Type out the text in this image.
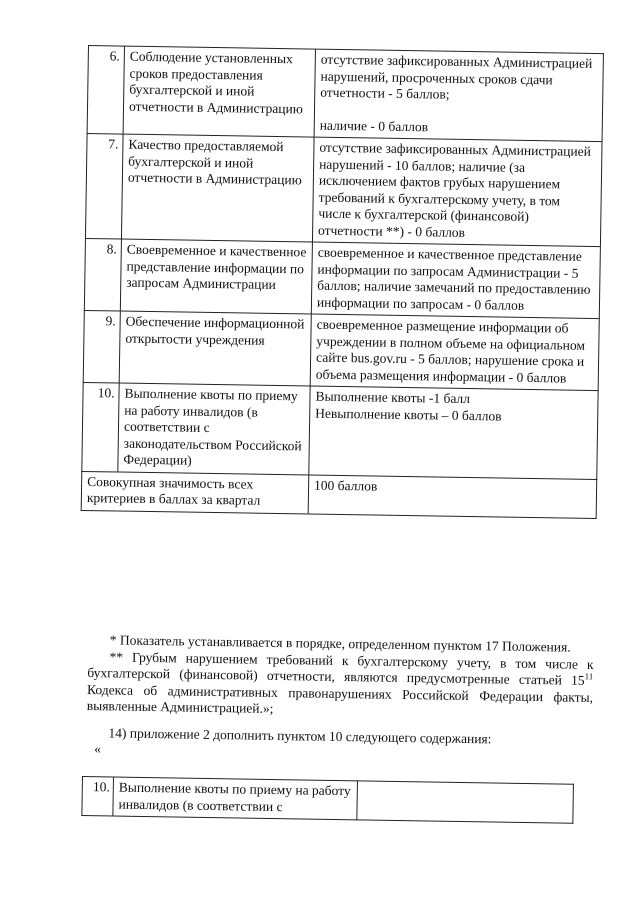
6.	Соблюдение установленных сроков предоставления бухгалтерской и иной отчетности в Администрацию	отсутствие зафиксированных Администрацией нарушений, просроченных сроков сдачи отчетности - 5 баллов;
наличие - 0 баллов

7.	Качество предоставляемой бухгалтерской и иной отчетности в Администрацию	отсутствие зафиксированных Администрацией нарушений - 10 баллов; наличие (за исключением фактов грубых нарушением требований к бухгалтерскому учету, в том числе к бухгалтерской (финансовой) отчетности **) - 0 баллов

8.	Своевременное и качественное представление информации по запросам Администрации	своевременное и качественное представление информации по запросам Администрации - 5 баллов; наличие замечаний по предоставлению информации по запросам - 0 баллов

9.	Обеспечение информационной открытости учреждения	своевременное размещение информации об учреждении в полном объеме на официальном сайте bus.gov.ru - 5 баллов; нарушение срока и объема размещения информации - 0 баллов

10.	Выполнение квоты по приему на работу инвалидов (в соответствии с законодательством Российской Федерации)	Выполнение квоты -1 балл
Невыполнение квоты – 0 баллов

Совокупная значимость всех критериев в баллах за квартал		100 баллов

* Показатель устанавливается в порядке, определенном пунктом 17 Положения.

** Грубым нарушением требований к бухгалтерскому учету, в том числе к бухгалтерской (финансовой) отчетности, являются предусмотренные статьей $15^{11}$ Кодекса об административных правонарушениях Российской Федерации факты, выявленные Администрацией.»;

14) приложение 2 дополнить пунктом 10 следующего содержания:

«

10.	Выполнение квоты по приему на работу инвалидов (в соответствии с	
